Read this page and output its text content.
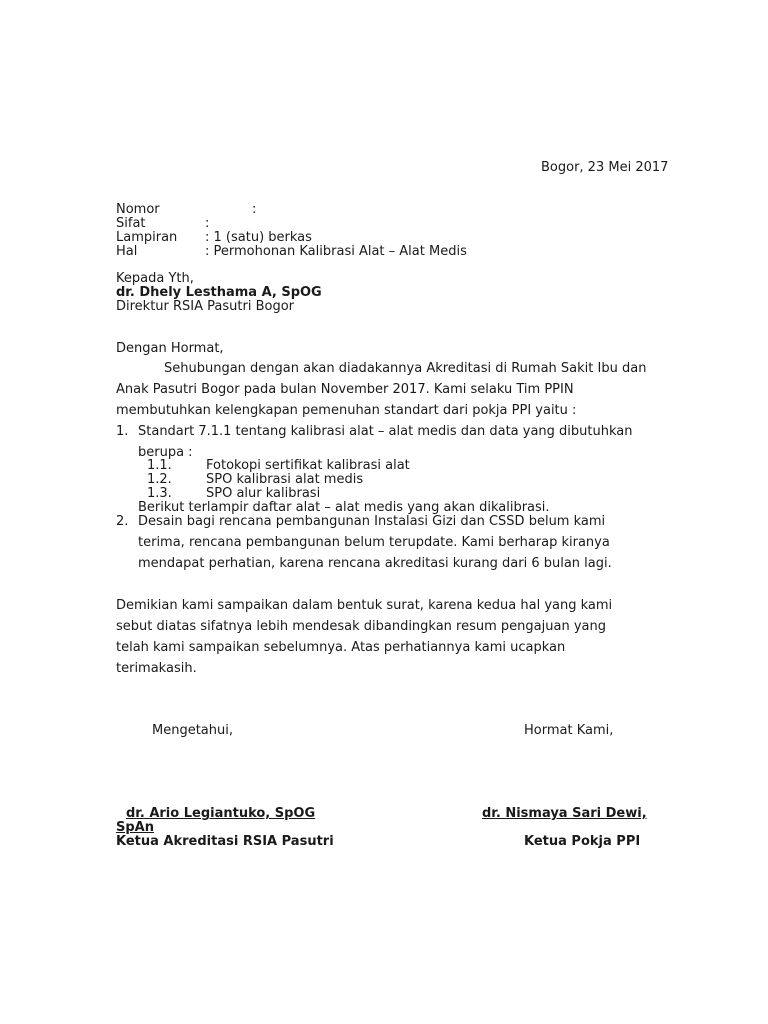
Bogor, 23 Mei 2017
Nomor	:
Sifat	:
Lampiran : 1 (satu) berkas
Hal	: Permohonan Kalibrasi Alat – Alat Medis
Kepada Yth,
dr. Dhely Lesthama A, SpOG
Direktur RSIA Pasutri Bogor
Dengan Hormat,
Sehubungan dengan akan diadakannya Akreditasi di Rumah Sakit Ibu dan
Anak Pasutri Bogor pada bulan November 2017. Kami selaku Tim PPIN
membutuhkan kelengkapan pemenuhan standart dari pokja PPI yaitu :
1. Standart 7.1.1 tentang kalibrasi alat – alat medis dan data yang dibutuhkan
berupa :
1.1.	Fotokopi sertifikat kalibrasi alat
1.2.	SPO kalibrasi alat medis
1.3.	SPO alur kalibrasi
Berikut terlampir daftar alat – alat medis yang akan dikalibrasi.
2. Desain bagi rencana pembangunan Instalasi Gizi dan CSSD belum kami
terima, rencana pembangunan belum terupdate. Kami berharap kiranya
mendapat perhatian, karena rencana akreditasi kurang dari 6 bulan lagi.
Demikian kami sampaikan dalam bentuk surat, karena kedua hal yang kami
sebut diatas sifatnya lebih mendesak dibandingkan resum pengajuan yang
telah kami sampaikan sebelumnya. Atas perhatiannya kami ucapkan
terimakasih.
Mengetahui,	Hormat Kami,
dr. Ario Legiantuko, SpOG	dr. Nismaya Sari Dewi,
SpAn
Ketua Akreditasi RSIA Pasutri	Ketua Pokja PPI
